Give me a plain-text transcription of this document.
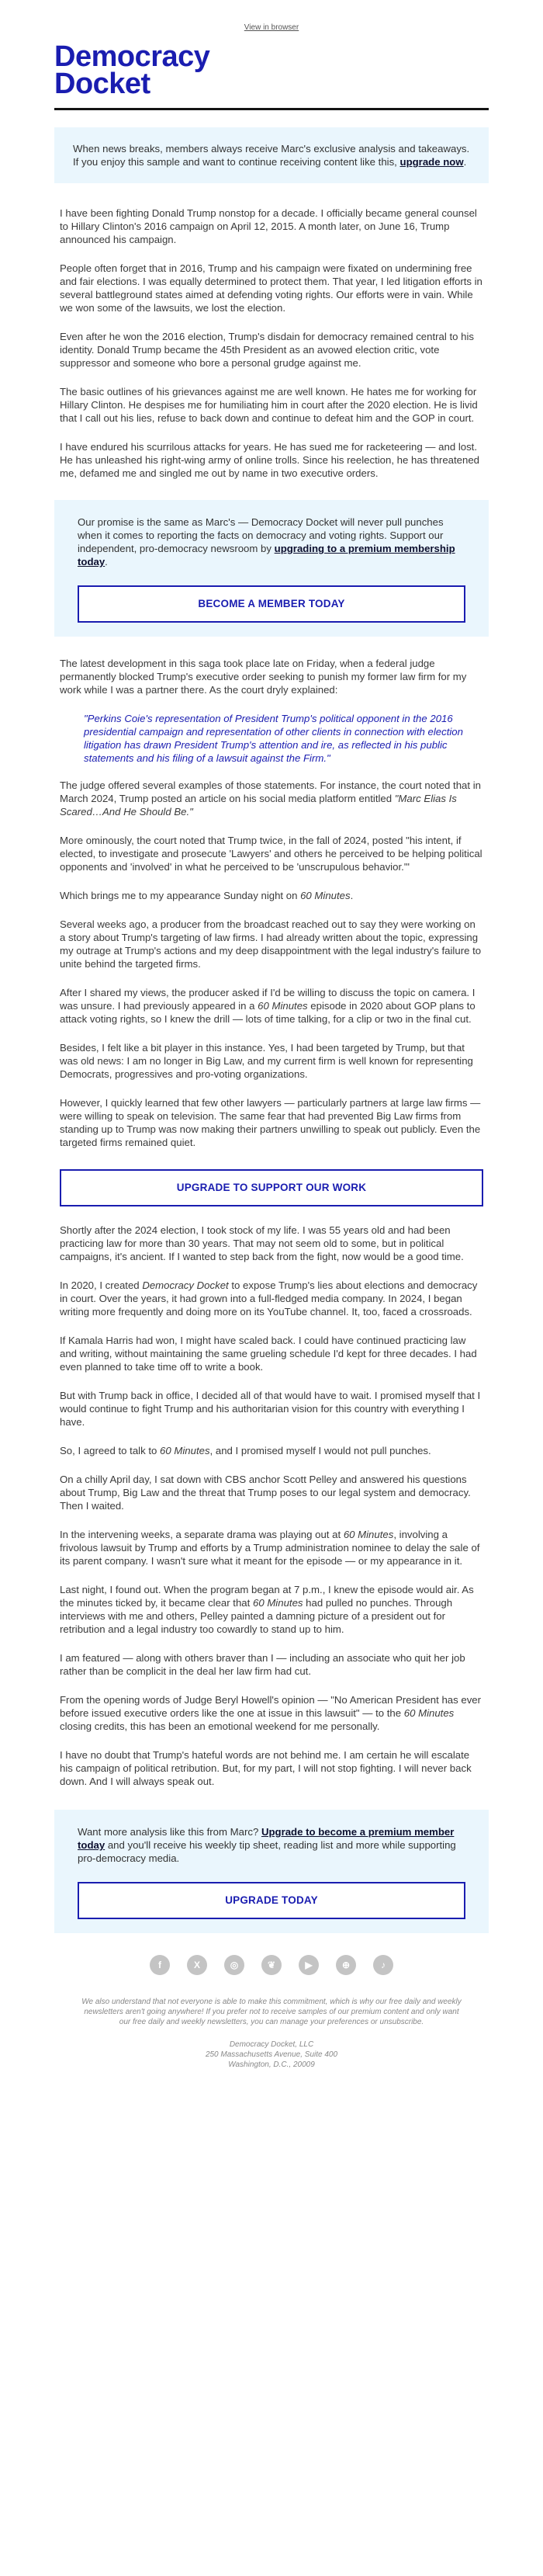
View in browser
Democracy
Docket
When news breaks, members always receive Marc's exclusive analysis and takeaways. If you enjoy this sample and want to continue receiving content like this, upgrade now.

I have been fighting Donald Trump nonstop for a decade. I officially became general counsel to Hillary Clinton's 2016 campaign on April 12, 2015. A month later, on June 16, Trump announced his campaign.

People often forget that in 2016, Trump and his campaign were fixated on undermining free and fair elections. I was equally determined to protect them. That year, I led litigation efforts in several battleground states aimed at defending voting rights. Our efforts were in vain. While we won some of the lawsuits, we lost the election.

Even after he won the 2016 election, Trump's disdain for democracy remained central to his identity. Donald Trump became the 45th President as an avowed election critic, vote suppressor and someone who bore a personal grudge against me.

The basic outlines of his grievances against me are well known. He hates me for working for Hillary Clinton. He despises me for humiliating him in court after the 2020 election. He is livid that I call out his lies, refuse to back down and continue to defeat him and the GOP in court.

I have endured his scurrilous attacks for years. He has sued me for racketeering — and lost. He has unleashed his right-wing army of online trolls. Since his reelection, he has threatened me, defamed me and singled me out by name in two executive orders.

Our promise is the same as Marc's — Democracy Docket will never pull punches when it comes to reporting the facts on democracy and voting rights. Support our independent, pro-democracy newsroom by upgrading to a premium membership today.

BECOME A MEMBER TODAY

The latest development in this saga took place late on Friday, when a federal judge permanently blocked Trump's executive order seeking to punish my former law firm for my work while I was a partner there. As the court dryly explained:

"Perkins Coie's representation of President Trump's political opponent in the 2016 presidential campaign and representation of other clients in connection with election litigation has drawn President Trump's attention and ire, as reflected in his public statements and his filing of a lawsuit against the Firm."

The judge offered several examples of those statements. For instance, the court noted that in March 2024, Trump posted an article on his social media platform entitled "Marc Elias Is Scared…And He Should Be."

More ominously, the court noted that Trump twice, in the fall of 2024, posted "his intent, if elected, to investigate and prosecute 'Lawyers' and others he perceived to be helping political opponents and 'involved' in what he perceived to be 'unscrupulous behavior.'"

Which brings me to my appearance Sunday night on 60 Minutes.

Several weeks ago, a producer from the broadcast reached out to say they were working on a story about Trump's targeting of law firms. I had already written about the topic, expressing my outrage at Trump's actions and my deep disappointment with the legal industry's failure to unite behind the targeted firms.

After I shared my views, the producer asked if I'd be willing to discuss the topic on camera. I was unsure. I had previously appeared in a 60 Minutes episode in 2020 about GOP plans to attack voting rights, so I knew the drill — lots of time talking, for a clip or two in the final cut.

Besides, I felt like a bit player in this instance. Yes, I had been targeted by Trump, but that was old news: I am no longer in Big Law, and my current firm is well known for representing Democrats, progressives and pro-voting organizations.

However, I quickly learned that few other lawyers — particularly partners at large law firms — were willing to speak on television. The same fear that had prevented Big Law firms from standing up to Trump was now making their partners unwilling to speak out publicly. Even the targeted firms remained quiet.

UPGRADE TO SUPPORT OUR WORK

Shortly after the 2024 election, I took stock of my life. I was 55 years old and had been practicing law for more than 30 years. That may not seem old to some, but in political campaigns, it's ancient. If I wanted to step back from the fight, now would be a good time.

In 2020, I created Democracy Docket to expose Trump's lies about elections and democracy in court. Over the years, it had grown into a full-fledged media company. In 2024, I began writing more frequently and doing more on its YouTube channel. It, too, faced a crossroads.

If Kamala Harris had won, I might have scaled back. I could have continued practicing law and writing, without maintaining the same grueling schedule I'd kept for three decades. I had even planned to take time off to write a book.

But with Trump back in office, I decided all of that would have to wait. I promised myself that I would continue to fight Trump and his authoritarian vision for this country with everything I have.

So, I agreed to talk to 60 Minutes, and I promised myself I would not pull punches.

On a chilly April day, I sat down with CBS anchor Scott Pelley and answered his questions about Trump, Big Law and the threat that Trump poses to our legal system and democracy. Then I waited.

In the intervening weeks, a separate drama was playing out at 60 Minutes, involving a frivolous lawsuit by Trump and efforts by a Trump administration nominee to delay the sale of its parent company. I wasn't sure what it meant for the episode — or my appearance in it.

Last night, I found out. When the program began at 7 p.m., I knew the episode would air. As the minutes ticked by, it became clear that 60 Minutes had pulled no punches. Through interviews with me and others, Pelley painted a damning picture of a president out for retribution and a legal industry too cowardly to stand up to him.

I am featured — along with others braver than I — including an associate who quit her job rather than be complicit in the deal her law firm had cut.

From the opening words of Judge Beryl Howell's opinion — "No American President has ever before issued executive orders like the one at issue in this lawsuit" — to the 60 Minutes closing credits, this has been an emotional weekend for me personally.

I have no doubt that Trump's hateful words are not behind me. I am certain he will escalate his campaign of political retribution. But, for my part, I will not stop fighting. I will never back down. And I will always speak out.

Want more analysis like this from Marc? Upgrade to become a premium member today and you'll receive his weekly tip sheet, reading list and more while supporting pro-democracy media.

UPGRADE TODAY
f	X	◎	❦	▶	⊕	♪

We also understand that not everyone is able to make this commitment, which is why our free daily and weekly newsletters aren't going anywhere! If you prefer not to receive samples of our premium content and only want our free daily and weekly newsletters, you can manage your preferences or unsubscribe.

Democracy Docket, LLC
250 Massachusetts Avenue, Suite 400
Washington, D.C., 20009
